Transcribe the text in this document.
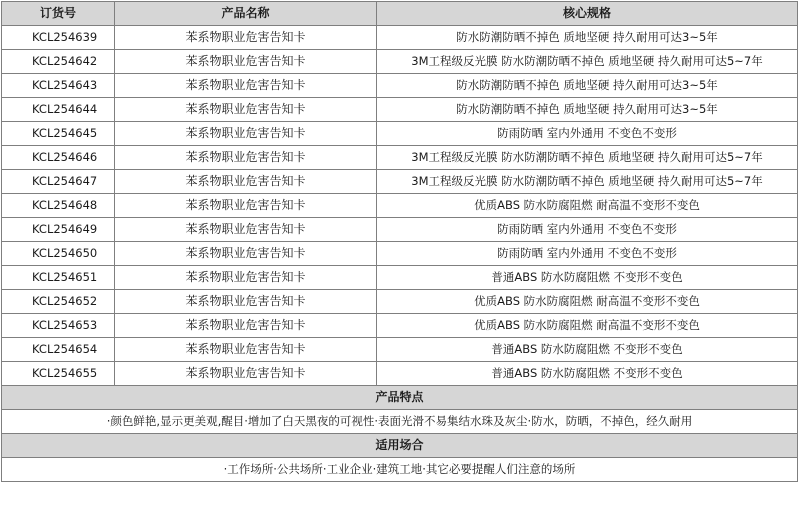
订货号	产品名称	核心规格
KCL254639	苯系物职业危害告知卡	防水防潮防晒不掉色 质地坚硬 持久耐用可达3~5年
KCL254642	苯系物职业危害告知卡	3M工程级反光膜 防水防潮防晒不掉色 质地坚硬 持久耐用可达5~7年
KCL254643	苯系物职业危害告知卡	防水防潮防晒不掉色 质地坚硬 持久耐用可达3~5年
KCL254644	苯系物职业危害告知卡	防水防潮防晒不掉色 质地坚硬 持久耐用可达3~5年
KCL254645	苯系物职业危害告知卡	防雨防晒 室内外通用 不变色不变形
KCL254646	苯系物职业危害告知卡	3M工程级反光膜 防水防潮防晒不掉色 质地坚硬 持久耐用可达5~7年
KCL254647	苯系物职业危害告知卡	3M工程级反光膜 防水防潮防晒不掉色 质地坚硬 持久耐用可达5~7年
KCL254648	苯系物职业危害告知卡	优质ABS 防水防腐阻燃 耐高温不变形不变色
KCL254649	苯系物职业危害告知卡	防雨防晒 室内外通用 不变色不变形
KCL254650	苯系物职业危害告知卡	防雨防晒 室内外通用 不变色不变形
KCL254651	苯系物职业危害告知卡	普通ABS 防水防腐阻燃 不变形不变色
KCL254652	苯系物职业危害告知卡	优质ABS 防水防腐阻燃 耐高温不变形不变色
KCL254653	苯系物职业危害告知卡	优质ABS 防水防腐阻燃 耐高温不变形不变色
KCL254654	苯系物职业危害告知卡	普通ABS 防水防腐阻燃 不变形不变色
KCL254655	苯系物职业危害告知卡	普通ABS 防水防腐阻燃 不变形不变色
产品特点		
·颜色鲜艳,显示更美观,醒目·增加了白天黑夜的可视性·表面光滑不易集结水珠及灰尘·防水，防晒，不掉色，经久耐用		
适用场合		
·工作场所·公共场所·工业企业·建筑工地·其它必要提醒人们注意的场所		
